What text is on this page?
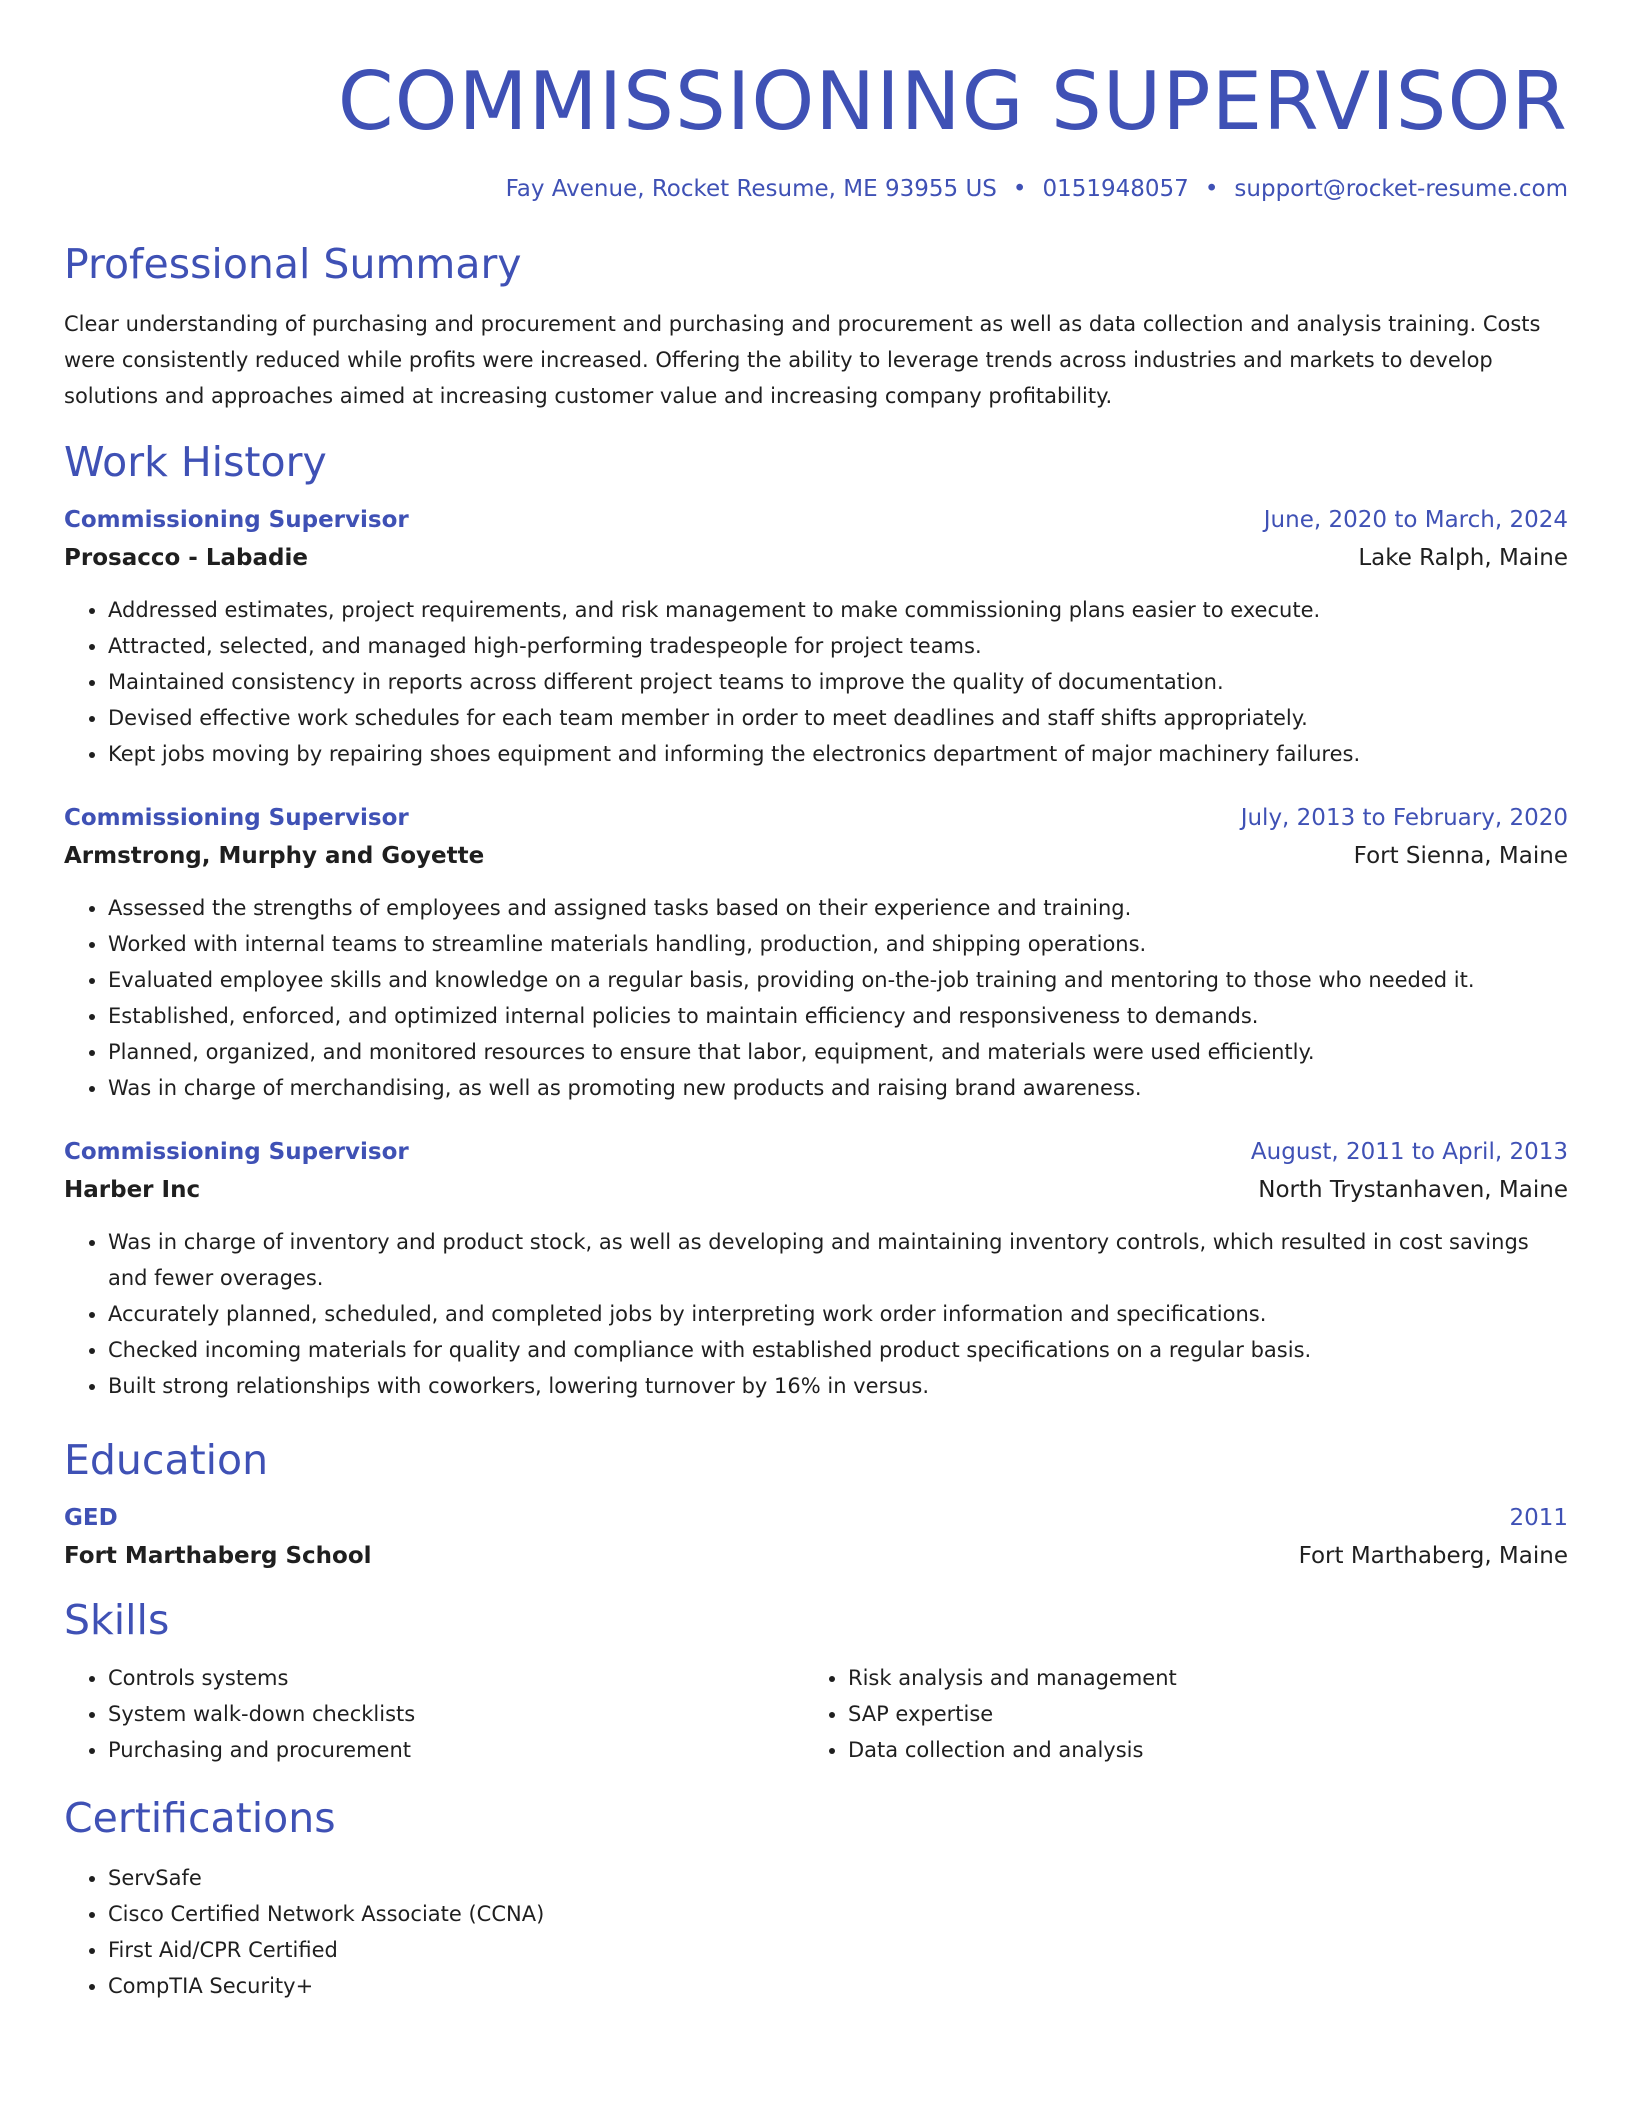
COMMISSIONING SUPERVISOR
Fay Avenue, Rocket Resume, ME 93955 US • 0151948057 • support@rocket-resume.com
Professional Summary

Clear understanding of purchasing and procurement and purchasing and procurement as well as data collection and analysis training. Costs were consistently reduced while profits were increased. Offering the ability to leverage trends across industries and markets to develop solutions and approaches aimed at increasing customer value and increasing company profitability.

Work History
Commissioning Supervisor	June, 2020 to March, 2024
Prosacco - Labadie	Lake Ralph, Maine
• Addressed estimates, project requirements, and risk management to make commissioning plans easier to execute.
• Attracted, selected, and managed high-performing tradespeople for project teams.
• Maintained consistency in reports across different project teams to improve the quality of documentation.
• Devised effective work schedules for each team member in order to meet deadlines and staff shifts appropriately.
• Kept jobs moving by repairing shoes equipment and informing the electronics department of major machinery failures.
Commissioning Supervisor	July, 2013 to February, 2020
Armstrong, Murphy and Goyette	Fort Sienna, Maine
• Assessed the strengths of employees and assigned tasks based on their experience and training.
• Worked with internal teams to streamline materials handling, production, and shipping operations.
• Evaluated employee skills and knowledge on a regular basis, providing on-the-job training and mentoring to those who needed it.
• Established, enforced, and optimized internal policies to maintain efficiency and responsiveness to demands.
• Planned, organized, and monitored resources to ensure that labor, equipment, and materials were used efficiently.
• Was in charge of merchandising, as well as promoting new products and raising brand awareness.
Commissioning Supervisor	August, 2011 to April, 2013
Harber Inc	North Trystanhaven, Maine
• Was in charge of inventory and product stock, as well as developing and maintaining inventory controls, which resulted in cost savings and fewer overages.
• Accurately planned, scheduled, and completed jobs by interpreting work order information and specifications.
• Checked incoming materials for quality and compliance with established product specifications on a regular basis.
• Built strong relationships with coworkers, lowering turnover by 16% in versus.
Education
GED	2011
Fort Marthaberg School	Fort Marthaberg, Maine
Skills
• Controls systems
• System walk-down checklists
• Purchasing and procurement
• Risk analysis and management
• SAP expertise
• Data collection and analysis
Certifications
• ServSafe
• Cisco Certified Network Associate (CCNA)
• First Aid/CPR Certified
• CompTIA Security+
